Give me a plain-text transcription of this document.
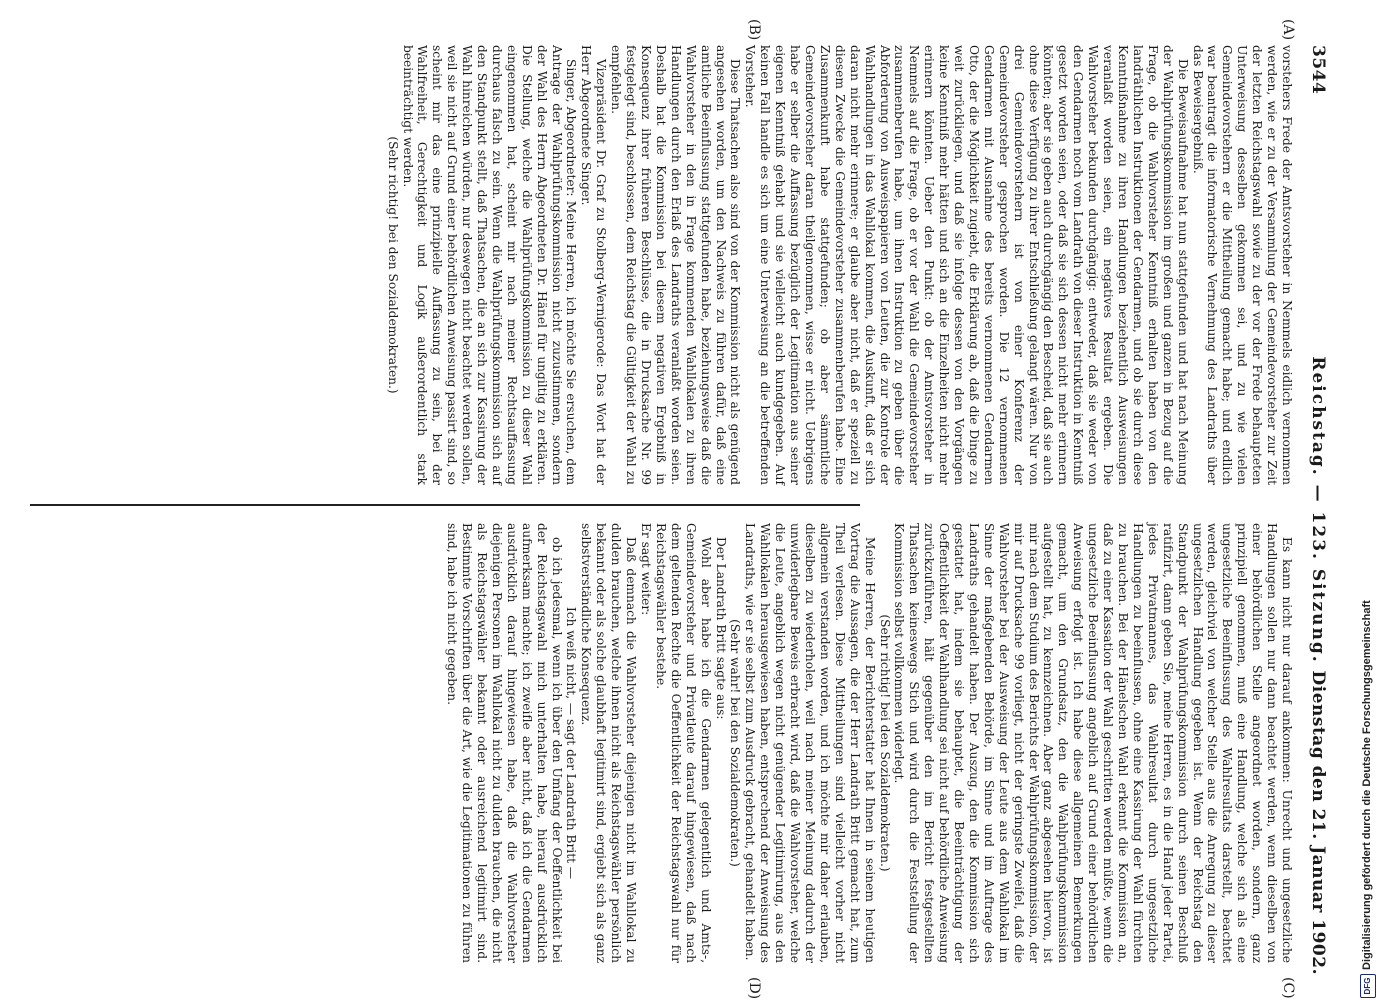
3544
Reichstag. — 123. Sitzung.
Dienstag den 21. Januar 1902.
(A)
(B)
(C)
(D)

vorstehers Frede der Amtsvorsteher in Nemmels eidlich vernommen werden, wie er zu der Versammlung der Gemeindevorsteher zur Zeit der letzten Reichstagswahl sowie zu der vor der Frede behaupteten Unterweisung desselben gekommen sei, und zu wie vielen Gemeindevorstehern er die Mittheilung gemacht habe; und endlich war beantragt die informatorische Vernehmung des Landraths über das Beweisergebniß.

Die Beweisaufnahme hat nun stattgefunden und hat nach Meinung der Wahlprüfungskommission im großen und ganzen in Bezug auf die Frage, ob die Wahlvorsteher Kenntniß erhalten haben von den landräthlichen Instruktionen der Gendarmen, und ob sie durch diese Kenntnißnahme zu ihren Handlungen beziehentlich Ausweisungen veranlaßt worden seien, ein negatives Resultat ergeben. Die Wahlvorsteher bekunden durchgängig: entweder, daß sie weder von den Gendarmen noch vom Landrath von dieser Instruktion in Kenntniß gesetzt worden seien, oder daß sie sich dessen nicht mehr erinnern könnten; aber sie geben auch durchgängig den Bescheid, daß sie auch ohne diese Verfügung zu ihrer Entschließung gelangt wären. Nur von drei Gemeindevorstehern ist von einer Konferenz der Gemeindevorsteher gesprochen worden. Die 12 vernommenen Gendarmen mit Ausnahme des bereits vernommenen Gendarmen Otto, der die Möglichkeit zugiebt, die Erklärung ab, daß die Dinge zu weit zurückliegen, und daß sie infolge dessen von den Vorgängen keine Kenntniß mehr hätten und sich an die Einzelheiten nicht mehr erinnern könnten. Ueber den Punkt: ob der Amtsvorsteher in Nemmels auf die Frage, ob er vor der Wahl die Gemeindevorsteher zusammenberufen habe, um ihnen Instruktion zu geben über die Abforderung von Ausweispapieren von Leuten, die zur Kontrole der Wahlhandlungen in das Wahllokal kommen, die Auskunft, daß er sich daran nicht mehr erinnere; er glaube aber nicht, daß er speziell zu diesem Zwecke die Gemeindevorsteher zusammenberufen habe. Eine Zusammenkunft habe stattgefunden; ob aber sämmtliche Gemeindevorsteher daran theilgenommen, wisse er nicht. Uebrigens habe er selber die Auffassung bezüglich der Legitimation aus seiner eigenen Kenntniß gehabt und sie vielleicht auch kundgegeben. Auf keinen Fall handle es sich um eine Unterweisung an die betreffenden Vorsteher.

Diese Thatsachen also sind von der Kommission nicht als genügend angesehen worden, um den Nachweis zu führen dafür, daß eine amtliche Beeinflussung stattgefunden habe, beziehungsweise daß die Wahlvorsteher in den in Frage kommenden Wahllokalen zu ihren Handlungen durch den Erlaß des Landraths veranlaßt worden seien. Deshalb hat die Kommission bei diesem negativen Ergebniß in Konsequenz ihrer früheren Beschlüsse, die in Drucksache Nr. 99 festgelegt sind, beschlossen, dem Reichstag die Gültigkeit der Wahl zu empfehlen.

Vizepräsident Dr. Graf zu Stolberg-Wernigerode: Das Wort hat der Herr Abgeordnete Singer.

Singer, Abgeordneter: Meine Herren, ich möchte Sie ersuchen, dem Antrage der Wahlprüfungskommission nicht zuzustimmen, sondern der Wahl des Herrn Abgeordneten Dr. Hänel für ungiltig zu erklären. Die Stellung, welche die Wahlprüfungskommission zu dieser Wahl eingenommen hat, scheint mir nach meiner Rechtsauffassung durchaus falsch zu sein. Wenn die Wahlprüfungskommission sich auf den Standpunkt stellt, daß Thatsachen, die an sich zur Kassirung der Wahl hinreichen würden, nur deswegen nicht beachtet werden sollen, weil sie nicht auf Grund einer behördlichen Anweisung passirt sind, so scheint mir das eine prinzipielle Auffassung zu sein, bei der Wahlfreiheit, Gerechtigkeit und Logik außerordentlich stark beeinträchtigt werden.

(Sehr richtig! bei den Sozialdemokraten.)

Es kann nicht nur darauf ankommen: Unrecht und ungesetzliche Handlungen sollen nur dann beachtet werden, wenn dieselben von einer behördlichen Stelle angeordnet worden, sondern, ganz prinzipiell genommen, muß eine Handlung, welche sich als eine ungesetzliche Beeinflussung des Wahlresultats darstellt, beachtet werden, gleichviel von welcher Stelle aus die Anregung zu dieser ungesetzlichen Handlung gegeben ist. Wenn der Reichstag den Standpunkt der Wahlprüfungskommission durch seinen Beschluß ratifizirt, dann geben Sie, meine Herren, es in die Hand jeder Partei, jedes Privatmannes, das Wahlresultat durch ungesetzliche Handlungen zu beeinflussen, ohne eine Kassirung der Wahl fürchten zu brauchen. Bei der Hänelschen Wahl erkennt die Kommission an, daß zu einer Kassation der Wahl geschritten werden müßte, wenn die ungesetzliche Beeinflussung angeblich auf Grund einer behördlichen Anweisung erfolgt ist. Ich habe diese allgemeinen Bemerkungen gemacht, um den Grundsatz, den die Wahlprüfungskommission aufgestellt hat, zu kennzeichnen. Aber ganz abgesehen hiervon, ist mir nach dem Studium des Berichts der Wahlprüfungskommission, der mir auf Drucksache 99 vorliegt, nicht der geringste Zweifel, daß die Wahlvorsteher bei der Ausweisung der Leute aus dem Wahllokal im Sinne der maßgebenden Behörde, im Sinne und im Auftrage des Landraths gehandelt haben. Der Auszug, den die Kommission sich gestattet hat, indem sie behauptet, die Beeinträchtigung der Oeffentlichkeit der Wahlhandlung sei nicht auf behördliche Anweisung zurückzuführen, hält gegenüber den im Bericht festgestellten Thatsachen keineswegs Stich und wird durch die Feststellung der Kommission selbst vollkommen widerlegt.

(Sehr richtig! bei den Sozialdemokraten.)

Meine Herren, der Berichterstatter hat Ihnen in seinem heutigen Vortrag die Aussagen, die der Herr Landrath Britt gemacht hat, zum Theil verlesen. Diese Mittheilungen sind vielleicht vorher nicht allgemein verstanden worden, und ich möchte mir daher erlauben, dieselben zu wiederholen, weil nach meiner Meinung dadurch der unwiderlegbare Beweis erbracht wird, daß die Wahlvorsteher, welche die Leute, angeblich wegen nicht genügender Legitimirung, aus den Wahllokalen herausgewiesen haben, entsprechend der Anweisung des Landraths, wie er sie selbst zum Ausdruck gebracht, gehandelt haben.

(Sehr wahr! bei den Sozialdemokraten.)

Der Landrath Britt sagte aus:

Wohl aber habe ich die Gendarmen gelegentlich und Amts-, Gemeindevorsteher und Privatleute darauf hingewiesen, daß nach dem geltenden Rechte die Oeffentlichkeit der Reichstagswahl nur für Reichstagswähler bestehe.

Er sagt weiter:

Daß demnach die Wahlvorsteher diejenigen nicht im Wahllokal zu dulden brauchen, welche ihnen nicht als Reichstagswähler persönlich bekannt oder als solche glaubhaft legitimirt sind, ergiebt sich als ganz selbstverständliche Konsequenz.

Ich weiß nicht, — sagt der Landrath Britt —

ob ich jedesmal, wenn ich über den Umfang der Oeffentlichkeit bei der Reichstagswahl mich unterhalten habe, hierauf ausdrücklich aufmerksam machte; ich zweifle aber nicht, daß ich die Gendarmen ausdrücklich darauf hingewiesen habe, daß die Wahlvorsteher diejenigen Personen im Wahllokal nicht zu dulden brauchen, die nicht als Reichstagswähler bekannt oder ausreichend legitimirt sind. Bestimmte Vorschriften über die Art, wie die Legitimationen zu führen sind, habe ich nicht gegeben.

DFG
Digitalisierung gefördert durch die Deutsche Forschungsgemeinschaft
